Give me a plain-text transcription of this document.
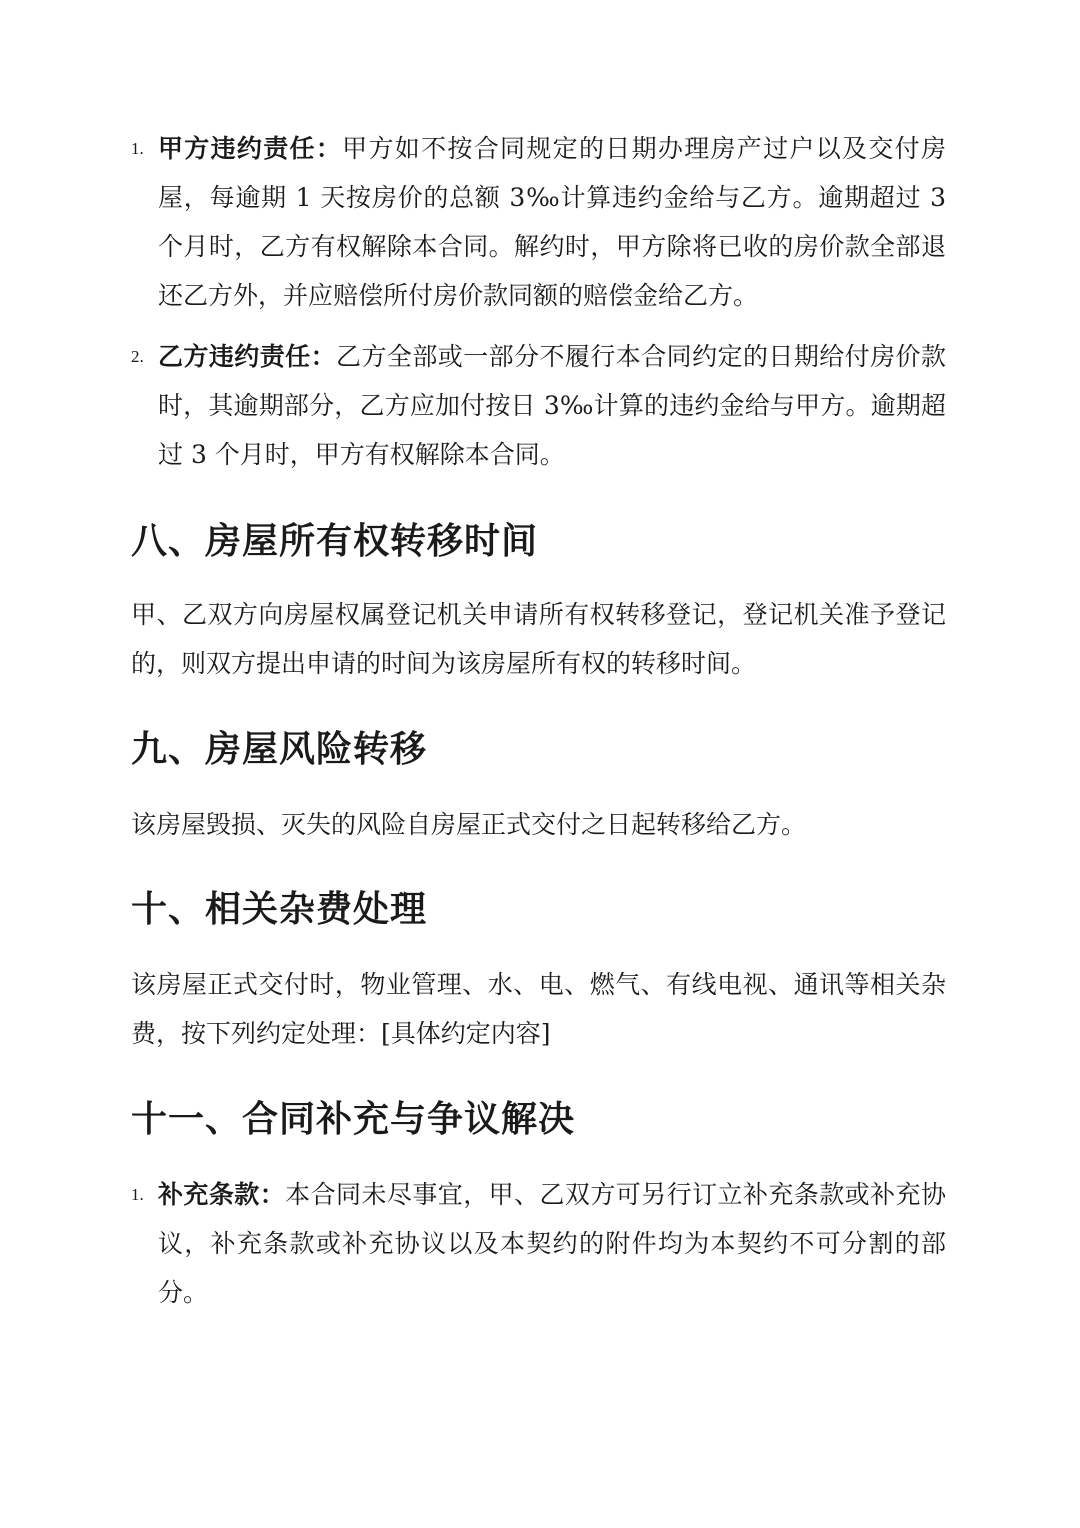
1. 甲方违约责任：甲方如不按合同规定的日期办理房产过户以及交付房屋，每逾期 1 天按房价的总额 3‰计算违约金给与乙方。逾期超过 3 个月时，乙方有权解除本合同。解约时，甲方除将已收的房价款全部退还乙方外，并应赔偿所付房价款同额的赔偿金给乙方。
2. 乙方违约责任：乙方全部或一部分不履行本合同约定的日期给付房价款时，其逾期部分，乙方应加付按日 3‰计算的违约金给与甲方。逾期超过 3 个月时，甲方有权解除本合同。
八、房屋所有权转移时间

甲、乙双方向房屋权属登记机关申请所有权转移登记，登记机关准予登记的，则双方提出申请的时间为该房屋所有权的转移时间。

九、房屋风险转移

该房屋毁损、灭失的风险自房屋正式交付之日起转移给乙方。

十、相关杂费处理

该房屋正式交付时，物业管理、水、电、燃气、有线电视、通讯等相关杂费，按下列约定处理：[具体约定内容]

十一、合同补充与争议解决
1. 补充条款：本合同未尽事宜，甲、乙双方可另行订立补充条款或补充协议，补充条款或补充协议以及本契约的附件均为本契约不可分割的部分。
